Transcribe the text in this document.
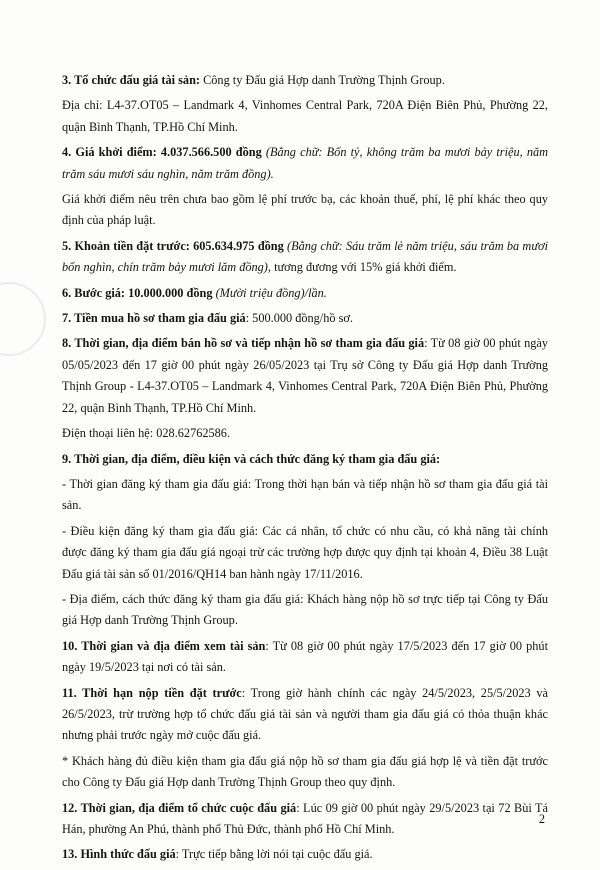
3. Tổ chức đấu giá tài sản: Công ty Đấu giá Hợp danh Trường Thịnh Group.

Địa chỉ: L4-37.OT05 – Landmark 4, Vinhomes Central Park, 720A Điện Biên Phủ, Phường 22, quận Bình Thạnh, TP.Hồ Chí Minh.

4. Giá khởi điểm: 4.037.566.500 đồng (Bằng chữ: Bốn tỷ, không trăm ba mươi bảy triệu, năm trăm sáu mươi sáu nghìn, năm trăm đồng).

Giá khởi điểm nêu trên chưa bao gồm lệ phí trước bạ, các khoản thuế, phí, lệ phí khác theo quy định của pháp luật.

5. Khoản tiền đặt trước: 605.634.975 đồng (Bằng chữ: Sáu trăm lẻ năm triệu, sáu trăm ba mươi bốn nghìn, chín trăm bảy mươi lăm đồng), tương đương với 15% giá khởi điểm.

6. Bước giá: 10.000.000 đồng (Mười triệu đồng)/lần.

7. Tiền mua hồ sơ tham gia đấu giá: 500.000 đồng/hồ sơ.

8. Thời gian, địa điểm bán hồ sơ và tiếp nhận hồ sơ tham gia đấu giá: Từ 08 giờ 00 phút ngày 05/05/2023 đến 17 giờ 00 phút ngày 26/05/2023 tại Trụ sở Công ty Đấu giá Hợp danh Trường Thịnh Group - L4-37.OT05 – Landmark 4, Vinhomes Central Park, 720A Điện Biên Phủ, Phường 22, quận Bình Thạnh, TP.Hồ Chí Minh.

Điện thoại liên hệ: 028.62762586.

9. Thời gian, địa điểm, điều kiện và cách thức đăng ký tham gia đấu giá:

- Thời gian đăng ký tham gia đấu giá: Trong thời hạn bán và tiếp nhận hồ sơ tham gia đấu giá tài sản.

- Điều kiện đăng ký tham gia đấu giá: Các cá nhân, tổ chức có nhu cầu, có khả năng tài chính được đăng ký tham gia đấu giá ngoại trừ các trường hợp được quy định tại khoản 4, Điều 38 Luật Đấu giá tài sản số 01/2016/QH14 ban hành ngày 17/11/2016.

- Địa điểm, cách thức đăng ký tham gia đấu giá: Khách hàng nộp hồ sơ trực tiếp tại Công ty Đấu giá Hợp danh Trường Thịnh Group.

10. Thời gian và địa điểm xem tài sản: Từ 08 giờ 00 phút ngày 17/5/2023 đến 17 giờ 00 phút ngày 19/5/2023 tại nơi có tài sản.

11. Thời hạn nộp tiền đặt trước: Trong giờ hành chính các ngày 24/5/2023, 25/5/2023 và 26/5/2023, trừ trường hợp tổ chức đấu giá tài sản và người tham gia đấu giá có thỏa thuận khác nhưng phải trước ngày mở cuộc đấu giá.

* Khách hàng đủ điều kiện tham gia đấu giá nộp hồ sơ tham gia đấu giá hợp lệ và tiền đặt trước cho Công ty Đấu giá Hợp danh Trường Thịnh Group theo quy định.

12. Thời gian, địa điểm tổ chức cuộc đấu giá: Lúc 09 giờ 00 phút ngày 29/5/2023 tại 72 Bùi Tá Hán, phường An Phú, thành phố Thủ Đức, thành phố Hồ Chí Minh.

13. Hình thức đấu giá: Trực tiếp bằng lời nói tại cuộc đấu giá.

2
